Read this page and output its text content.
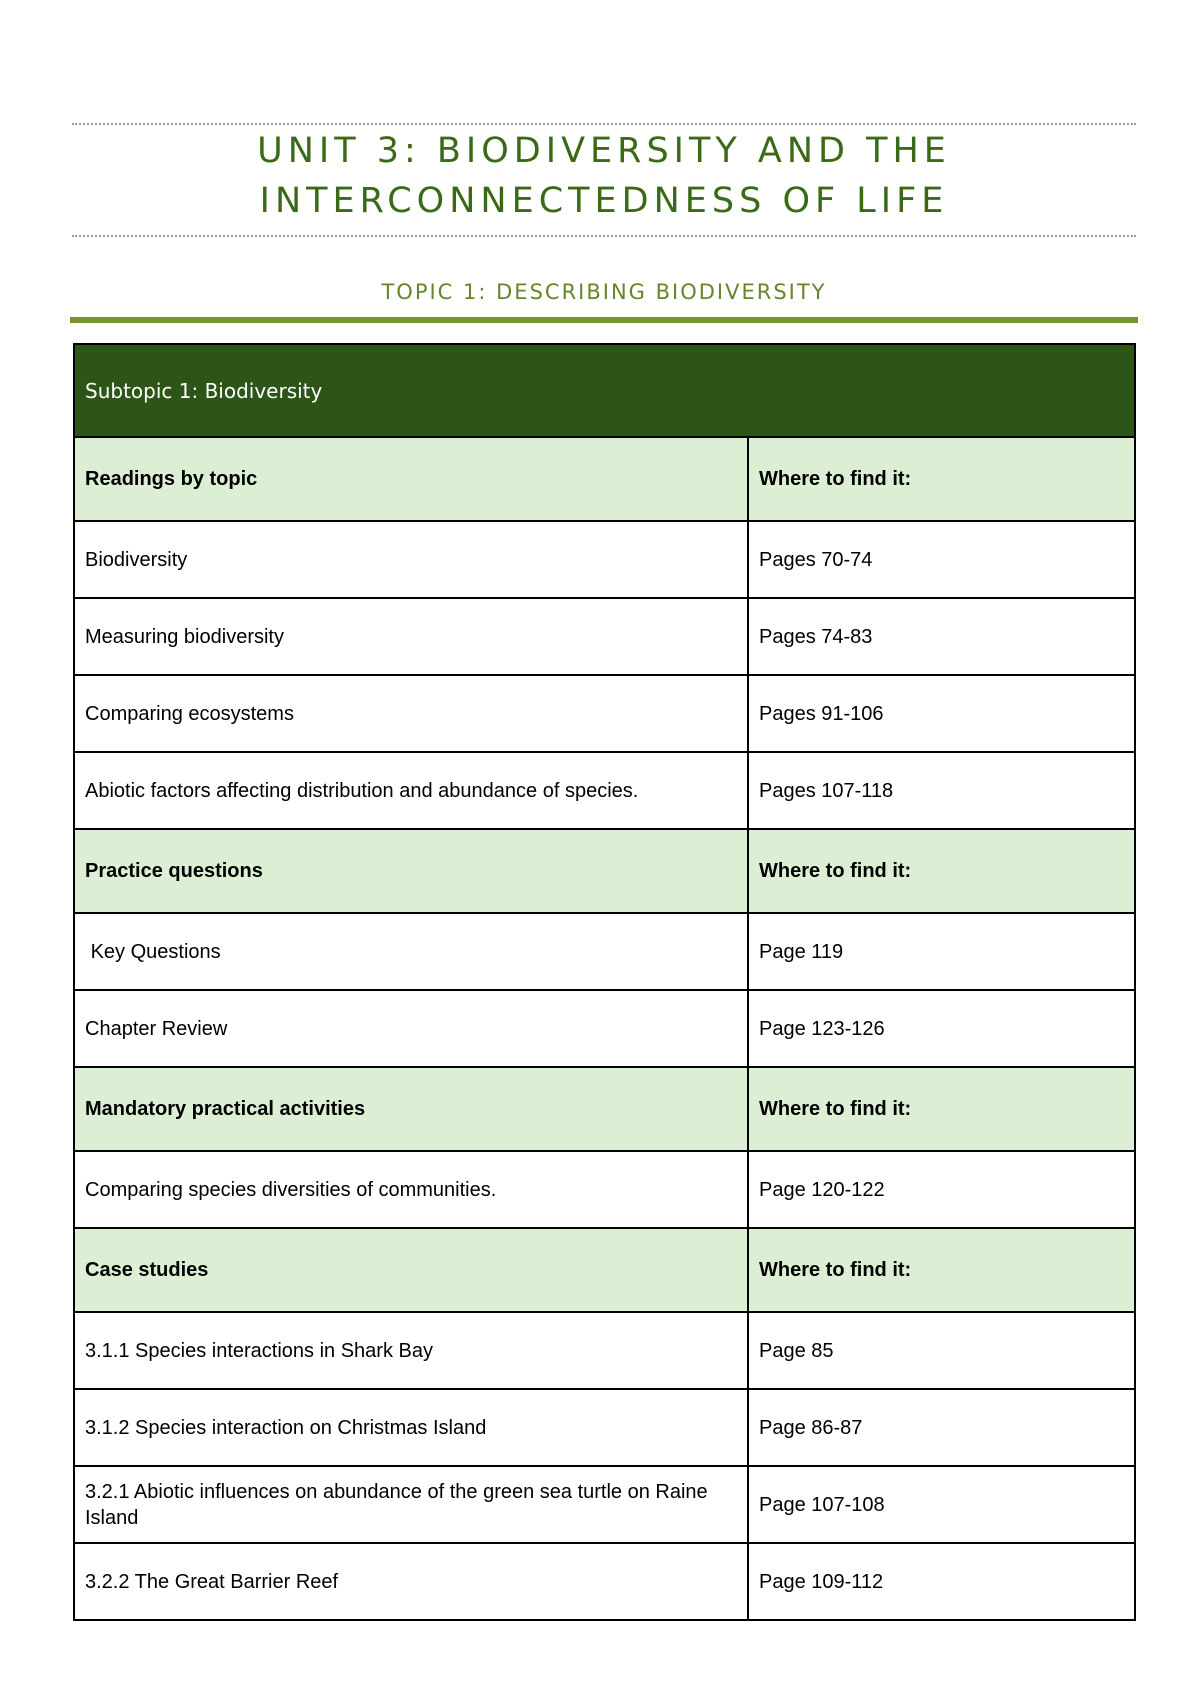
UNIT 3: BIODIVERSITY AND THE
INTERCONNECTEDNESS OF LIFE
TOPIC 1: DESCRIBING BIODIVERSITY
Subtopic 1: Biodiversity	
Readings by topic	Where to find it:
Biodiversity	Pages 70-74
Measuring biodiversity	Pages 74-83
Comparing ecosystems	Pages 91-106
Abiotic factors affecting distribution and abundance of species.	Pages 107-118
Practice questions	Where to find it:
Key Questions	Page 119
Chapter Review	Page 123-126
Mandatory practical activities	Where to find it:
Comparing species diversities of communities.	Page 120-122
Case studies	Where to find it:
3.1.1 Species interactions in Shark Bay	Page 85
3.1.2 Species interaction on Christmas Island	Page 86-87
3.2.1 Abiotic influences on abundance of the green sea turtle on Raine Island	Page 107-108
3.2.2 The Great Barrier Reef	Page 109-112
